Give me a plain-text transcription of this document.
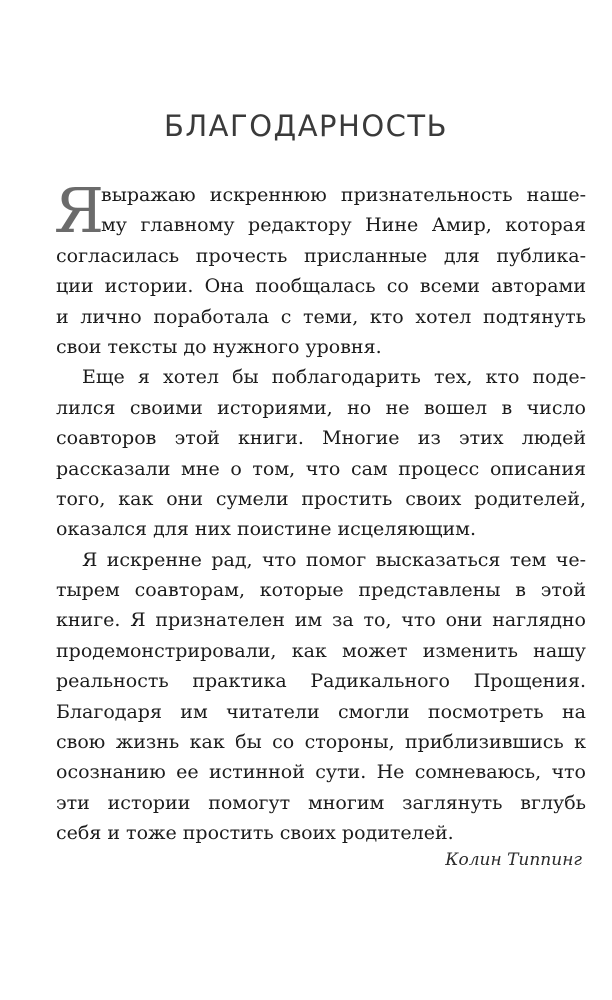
БЛАГОДАРНОСТЬ
Я
выражаю искреннюю признательность наше-
му главному редактору Нине Амир, которая
согласилась прочесть присланные для публика-
ции истории. Она пообщалась со всеми авторами
и лично поработала с теми, кто хотел подтянуть
свои тексты до нужного уровня.
Еще я хотел бы поблагодарить тех, кто поде-
лился своими историями, но не вошел в число
соавторов этой книги. Многие из этих людей
рассказали мне о том, что сам процесс описания
того, как они сумели простить своих родителей,
оказался для них поистине исцеляющим.
Я искренне рад, что помог высказаться тем че-
тырем соавторам, которые представлены в этой
книге. Я признателен им за то, что они наглядно
продемонстрировали, как может изменить нашу
реальность практика Радикального Прощения.
Благодаря им читатели смогли посмотреть на
свою жизнь как бы со стороны, приблизившись к
осознанию ее истинной сути. Не сомневаюсь, что
эти истории помогут многим заглянуть вглубь
себя и тоже простить своих родителей.
Колин Типпинг
